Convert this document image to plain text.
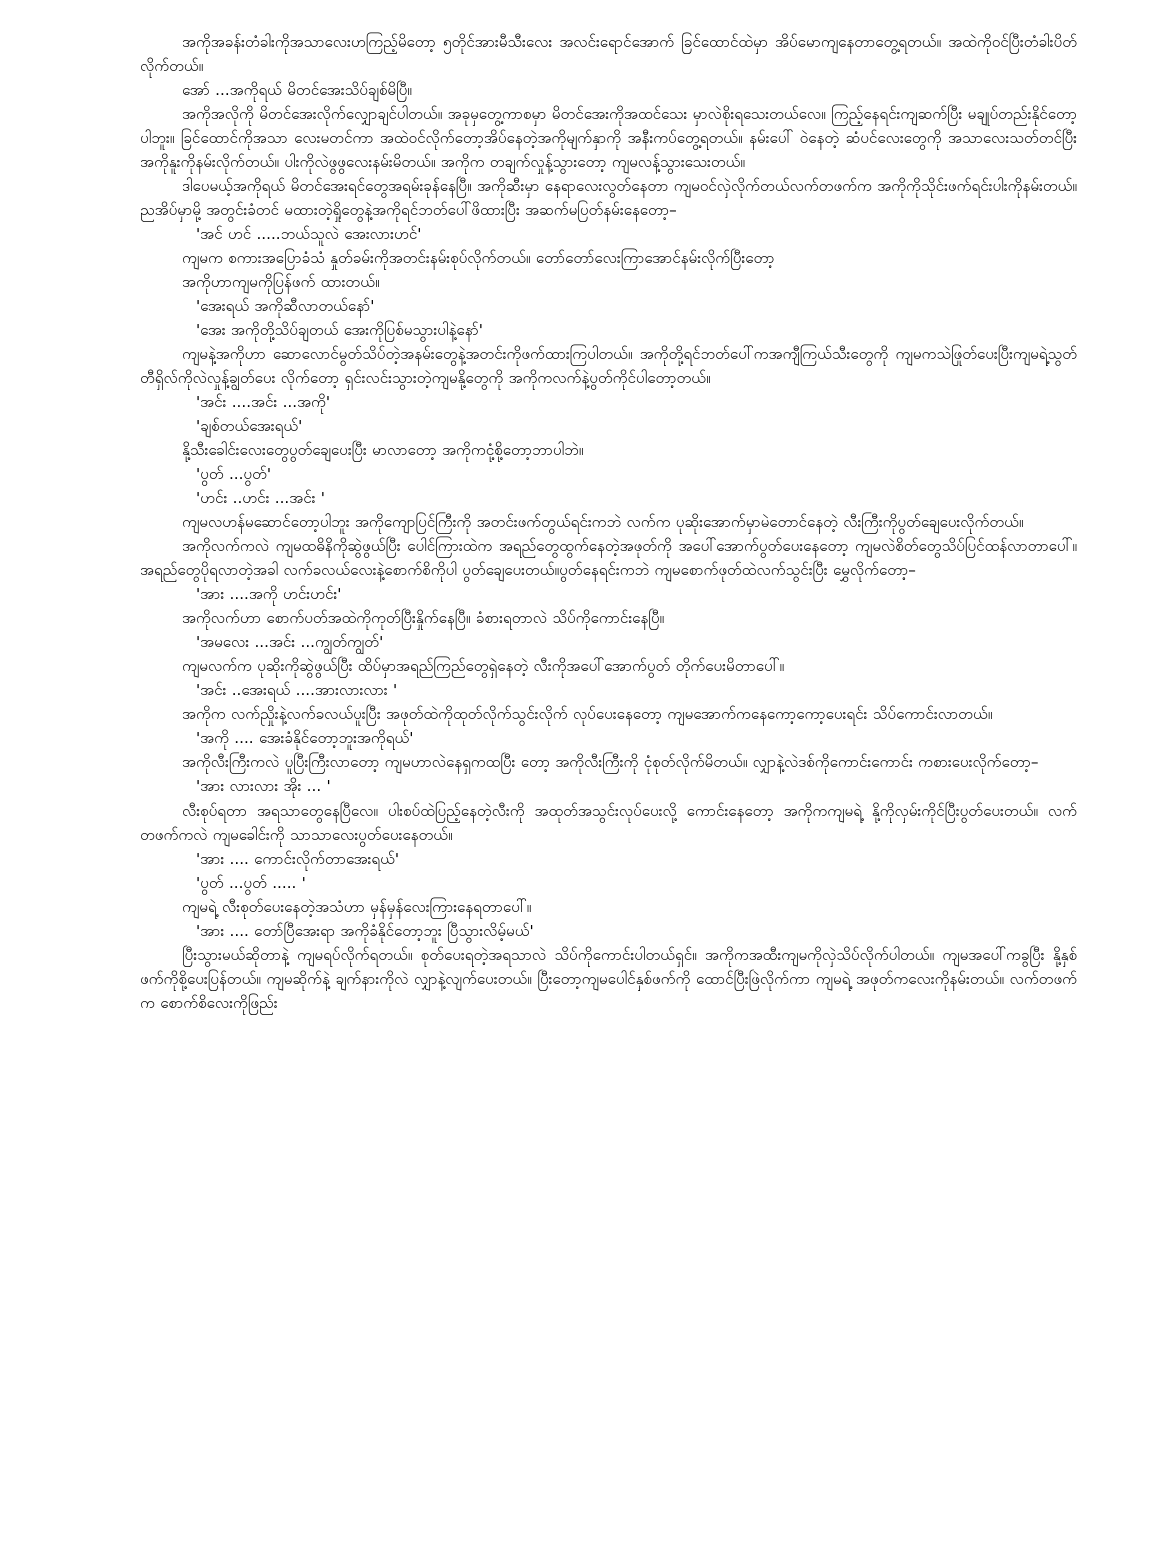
အကိုအခန်းတံခါးကိုအသာလေးဟကြည့်မိတော့ ၅တိုင်အားမီသီးလေး အလင်းရောင်အောက် ခြင်ထောင်ထဲမှာ အိပ်မောကျနေတာတွေ့ရတယ်။ အထဲကိုဝင်ပြီးတံခါးပိတ်လိုက်တယ်။

အော် ...အကိုရယ် မိတင်အေးသိပ်ချစ်မိပြီ။

အကိုအလိုကို မိတင်အေးလိုက်လျှောချင်ပါတယ်။ အခုမှတွေ့ကာစမှာ မိတင်အေးကိုအထင်သေး မှာလဲစိုးရသေးတယ်လေ။ ကြည့်နေရင်းကျဆက်ပြီး မချုပ်တည်းနိုင်တော့ပါဘူး။ ခြင်ထောင်ကိုအသာ လေးမတင်ကာ အထဲဝင်လိုက်တော့အိပ်နေတဲ့အကိုမျက်နှာကို အနီးကပ်တွေ့ရတယ်။ နမ်းပေါ် ဝဲနေတဲ့ ဆံပင်လေးတွေကို အသာလေးသတ်တင်ပြီး အကိုနူးကိုနမ်းလိုက်တယ်။ ပါးကိုလဲဖွဖွလေးနမ်းမိတယ်။ အကိုက တချက်လှုန့်သွားတော့ ကျမလန့်သွားသေးတယ်။

ဒါပေမယ့်အကိုရယ် မိတင်အေးရင်တွေအရမ်းခုန်နေပြီ။ အကိုဆီးမှာ နေရာလေးလွတ်နေတာ ကျမဝင်လှဲလိုက်တယ်လက်တဖက်က အကိုကိုသိုင်းဖက်ရင်းပါးကိုနမ်းတယ်။ ညအိပ်မှာမို့ အတွင်းခံတင် မထားတဲ့ရှိုတွေနဲ့အကိုရင်ဘတ်ပေါ်ဖိထားပြီး အဆက်မပြတ်နမ်းနေတော့–

'အင် ဟင် .....ဘယ်သူလဲ အေးလားဟင်'

ကျမက စကားအပြောခံသံ နှုတ်ခမ်းကိုအတင်းနမ်းစုပ်လိုက်တယ်။ တော်တော်လေးကြာအောင်နမ်းလိုက်ပြီးတော့

အကိုဟာကျမကိုပြန်ဖက် ထားတယ်။

'အေးရယ် အကိုဆီလာတယ်နော်'

'အေး အကိုတို့သိပ်ချတယ် အေးကိုပြစ်မသွားပါနဲ့နော်'

ကျမနဲ့အကိုဟာ ဆောလောင်မွတ်သိပ်တဲ့အနမ်းတွေနဲ့အတင်းကိုဖက်ထားကြပါတယ်။ အကိုတို့ရင်ဘတ်ပေါ်ကအကျီကြယ်သီးတွေကို ကျမကသဲဖြုတ်ပေးပြီးကျမရဲ့သွတ်တီရှိလ်ကိုလဲလှုန့်ချွတ်ပေး လိုက်တော့ ရှင်းလင်းသွားတဲ့ကျမနို့တွေကို အကိုကလက်နဲ့ပွတ်ကိုင်ပါတော့တယ်။

'အင်း ....အင်း ...အကို'

'ချစ်တယ်အေးရယ်'

နို့သီးခေါင်းလေးတွေပွတ်ချေပေးပြီး မာလာတော့ အကိုကငုံ့စို့တော့ဘာပါဘဲ။

'ပွတ် ...ပွတ်'

'ဟင်း ..ဟင်း ...အင်း '

ကျမလဟန်မဆောင်တော့ပါဘူး အကိုကျောပြင်ကြီးကို အတင်းဖက်တွယ်ရင်းကဘဲ လက်က ပုဆိုးအောက်မှာမဲတောင်နေတဲ့ လီးကြီးကိုပွတ်ချေပေးလိုက်တယ်။

အကိုလက်ကလဲ ကျမထဓိနိကိုဆွဲဖွယ်ပြီး ပေါင်ကြားထဲက အရည်တွေထွက်နေတဲ့အဖုတ်ကို အပေါ်အောက်ပွတ်ပေးနေတော့ ကျမလဲစိတ်တွေသိပ်ပြင်ထန်လာတာပေါ်။ အရည်တွေပိုရလာတဲ့အခါ လက်ခလယ်လေးနဲ့စောက်စိကိုပါ ပွတ်ချေပေးတယ်။ပွတ်နေရင်းကဘဲ ကျမစောက်ဖုတ်ထဲလက်သွင်းပြီး မွှေလိုက်တော့–

'အား ....အကို ဟင်းဟင်း'

အကိုလက်ဟာ စောက်ပတ်အထဲကိုကုတ်ပြီးနှိုက်နေပြီ။ ခံစားရတာလဲ သိပ်ကိုကောင်းနေပြီ။

'အမလေး ...အင်း ...ကျွတ်ကျွတ်'

ကျမလက်က ပုဆိုးကိုဆွဲဖွယ်ပြီး ထိပ်မှာအရည်ကြည်တွေရှဲနေတဲ့ လီးကိုအပေါ်အောက်ပွတ် တိုက်ပေးမိတာပေါ်။

'အင်း ..အေးရယ် ....အားလားလား '

အကိုက လက်ညှိုးနဲ့လက်ခလယ်ပူးပြီး အဖုတ်ထဲကိုထုတ်လိုက်သွင်းလိုက် လုပ်ပေးနေတော့ ကျမအောက်ကနေကော့ကော့ပေးရင်း သိပ်ကောင်းလာတယ်။

'အကို .... အေးခံနိုင်တော့ဘူးအကိုရယ်'

အကိုလီးကြီးကလဲ ပူပြီးကြီးလာတော့ ကျမဟာလဲနေရှကထပြီး တော့ အကိုလီးကြီးကို ငုံစုတ်လိုက်မိတယ်။ လျှာနဲ့လဲဒစ်ကိုကောင်းကောင်း ကစားပေးလိုက်တော့–

'အား လားလား အိုး ... '

လီးစုပ်ရတာ အရသာတွေနေပြီလေ။ ပါးစပ်ထဲပြည့်နေတဲ့လီးကို အထုတ်အသွင်းလုပ်ပေးလို့ ကောင်းနေတော့ အကိုကကျမရဲ့ နို့ကိုလှမ်းကိုင်ပြီးပွတ်ပေးတယ်။ လက်တဖက်ကလဲ ကျမခေါင်းကို သာသာလေးပွတ်ပေးနေတယ်။

'အား .... ကောင်းလိုက်တာအေးရယ်'

'ပွတ် ...ပွတ် ..... '

ကျမရဲ့ လီးစုတ်ပေးနေတဲ့အသံဟာ မှန်မှန်လေးကြားနေရတာပေါ်။

'အား .... တော်ပြီအေးရာ အကိုခံနိုင်တော့ဘူး ပြီသွားလိမ့်မယ်'

ပြီးသွားမယ်ဆိုတာနဲ့ ကျမရပ်လိုက်ရတယ်။ စုတ်ပေးရတဲ့အရသာလဲ သိပ်ကိုကောင်းပါတယ်ရှင်။ အကိုကအထီးကျမကိုလှဲသိပ်လိုက်ပါတယ်။ ကျမအပေါ်ကခွပြီး နို့နှစ်ဖက်ကိုစို့ပေးပြန်တယ်။ ကျမဆိုက်နဲ့ ချက်နားကိုလဲ လျှာနဲ့လျက်ပေးတယ်။ ပြီးတော့ကျမပေါင်နှစ်ဖက်ကို ထောင်ပြီးဖြဲလိုက်ကာ ကျမရဲ့ အဖုတ်ကလေးကိုနမ်းတယ်။ လက်တဖက်က စောက်စိလေးကိုဖြည်း
